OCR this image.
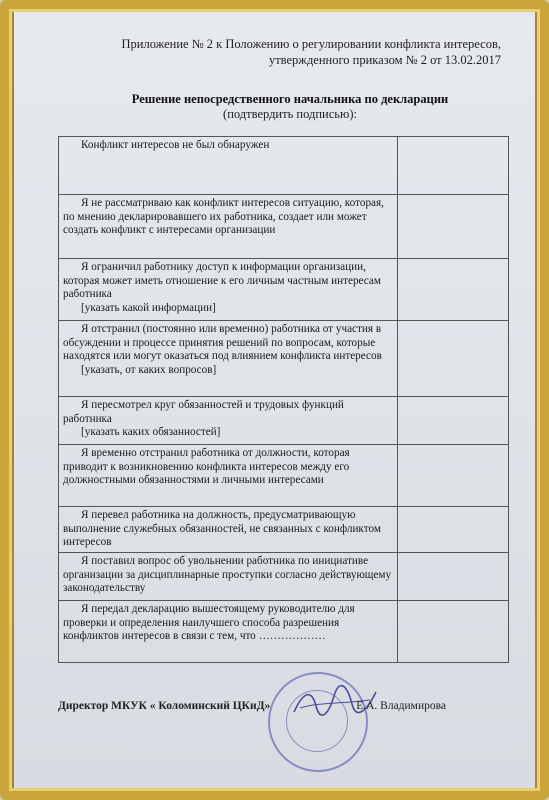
Приложение № 2 к Положению о регулировании конфликта интересов,
утвержденного приказом № 2 от 13.02.2017
Решение непосредственного начальника по декларации
(подтвердить подписью):
Конфликт интересов не был обнаружен	
Я не рассматриваю как конфликт интересов ситуацию, которая, по мнению декларировавшего их работника, создает или может создать конфликт с интересами организации	
Я ограничил работнику доступ к информации организации, которая может иметь отношение к его личным частным интересам работника
[указать какой информации]	

Я отстранил (постоянно или временно) работника от участия в обсуждении и процессе принятия решений по вопросам, которые находятся или могут оказаться под влиянием конфликта интересов
[указать, от каких вопросов]	

Я пересмотрел круг обязанностей и трудовых функций работника
[указать каких обязанностей]	

Я временно отстранил работника от должности, которая приводит к возникновению конфликта интересов между его должностными обязанностями и личными интересами	
Я перевел работника на должность, предусматривающую выполнение служебных обязанностей, не связанных с конфликтом интересов	
Я поставил вопрос об увольнении работника по инициативе организации за дисциплинарные проступки согласно действующему законодательству	
Я передал декларацию вышестоящему руководителю для проверки и определения наилучшего способа разрешения конфликтов интересов в связи с тем, что ………………	
Директор МКУК « Коломинский ЦКиД»	Е.А. Владимирова
